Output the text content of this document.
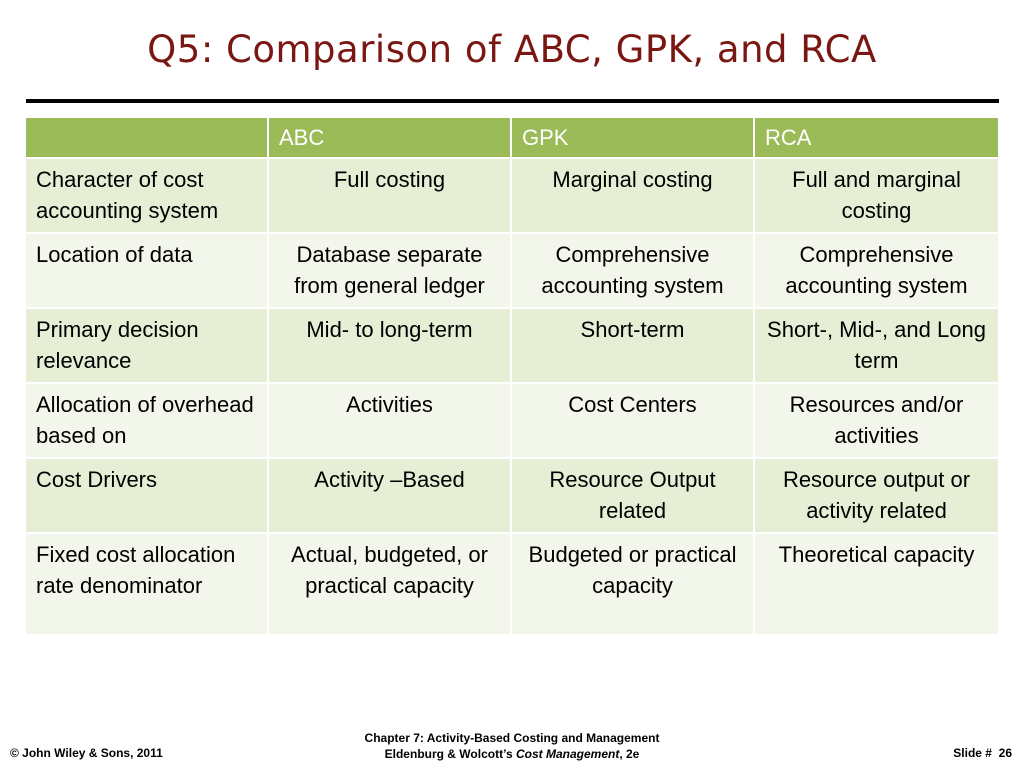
Q5: Comparison of ABC, GPK, and RCA
	ABC	GPK	RCA
Character of cost accounting system	Full costing	Marginal costing	Full and marginal costing
Location of data	Database separate from general ledger	Comprehensive accounting system	Comprehensive accounting system
Primary decision relevance	Mid- to long-term	Short-term	Short-, Mid-, and Long term
Allocation of overhead based on	Activities	Cost Centers	Resources and/or activities
Cost Drivers	Activity –Based	Resource Output related	Resource output or activity related
Fixed cost allocation rate denominator	Actual, budgeted, or practical capacity	Budgeted or practical capacity	Theoretical capacity
© John Wiley & Sons, 2011
Chapter 7: Activity-Based Costing and Management
Eldenburg & Wolcott’s Cost Management, 2e	Slide # 26
